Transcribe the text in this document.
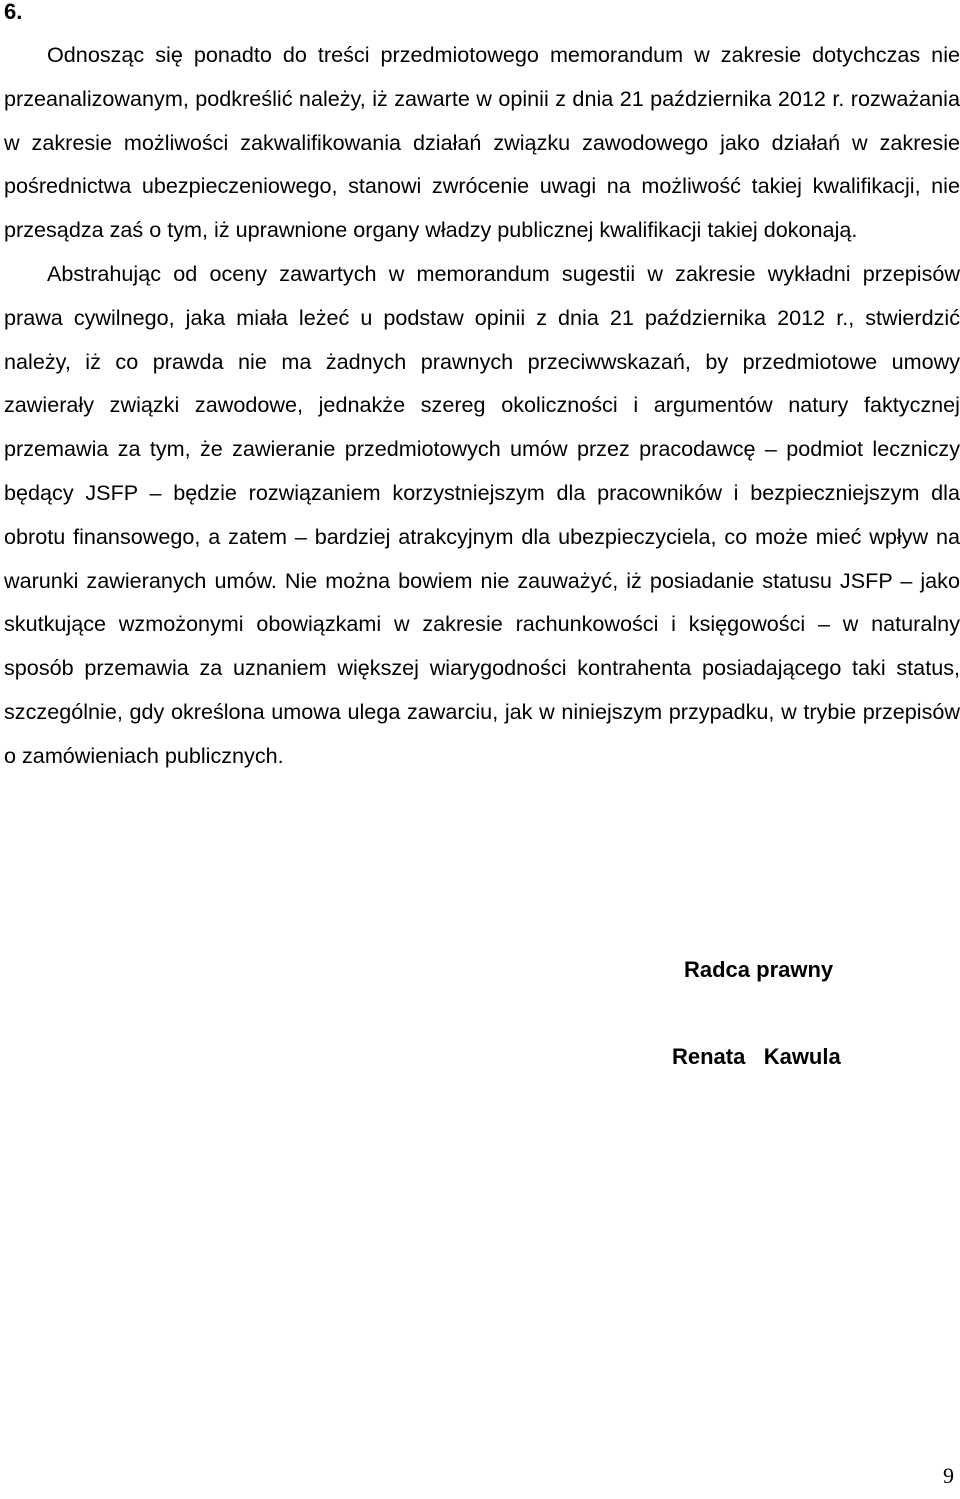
6.

Odnosząc się ponadto do treści przedmiotowego memorandum w zakresie dotychczas nie przeanalizowanym, podkreślić należy, iż zawarte w opinii z dnia 21 października 2012 r. rozważania w zakresie możliwości zakwalifikowania działań związku zawodowego jako działań w zakresie pośrednictwa ubezpieczeniowego, stanowi zwrócenie uwagi na możliwość takiej kwalifikacji, nie przesądza zaś o tym, iż uprawnione organy władzy publicznej kwalifikacji takiej dokonają.

Abstrahując od oceny zawartych w memorandum sugestii w zakresie wykładni przepisów prawa cywilnego, jaka miała leżeć u podstaw opinii z dnia 21 października 2012 r., stwierdzić należy, iż co prawda nie ma żadnych prawnych przeciwwskazań, by przedmiotowe umowy zawierały związki zawodowe, jednakże szereg okoliczności i argumentów natury faktycznej przemawia za tym, że zawieranie przedmiotowych umów przez pracodawcę – podmiot leczniczy będący JSFP – będzie rozwiązaniem korzystniejszym dla pracowników i bezpieczniejszym dla obrotu finansowego, a zatem – bardziej atrakcyjnym dla ubezpieczyciela, co może mieć wpływ na warunki zawieranych umów. Nie można bowiem nie zauważyć, iż posiadanie statusu JSFP – jako skutkujące wzmożonymi obowiązkami w zakresie rachunkowości i księgowości – w naturalny sposób przemawia za uznaniem większej wiarygodności kontrahenta posiadającego taki status, szczególnie, gdy określona umowa ulega zawarciu, jak w niniejszym przypadku, w trybie przepisów o zamówieniach publicznych.

Radca prawny
Renata   Kawula
9
